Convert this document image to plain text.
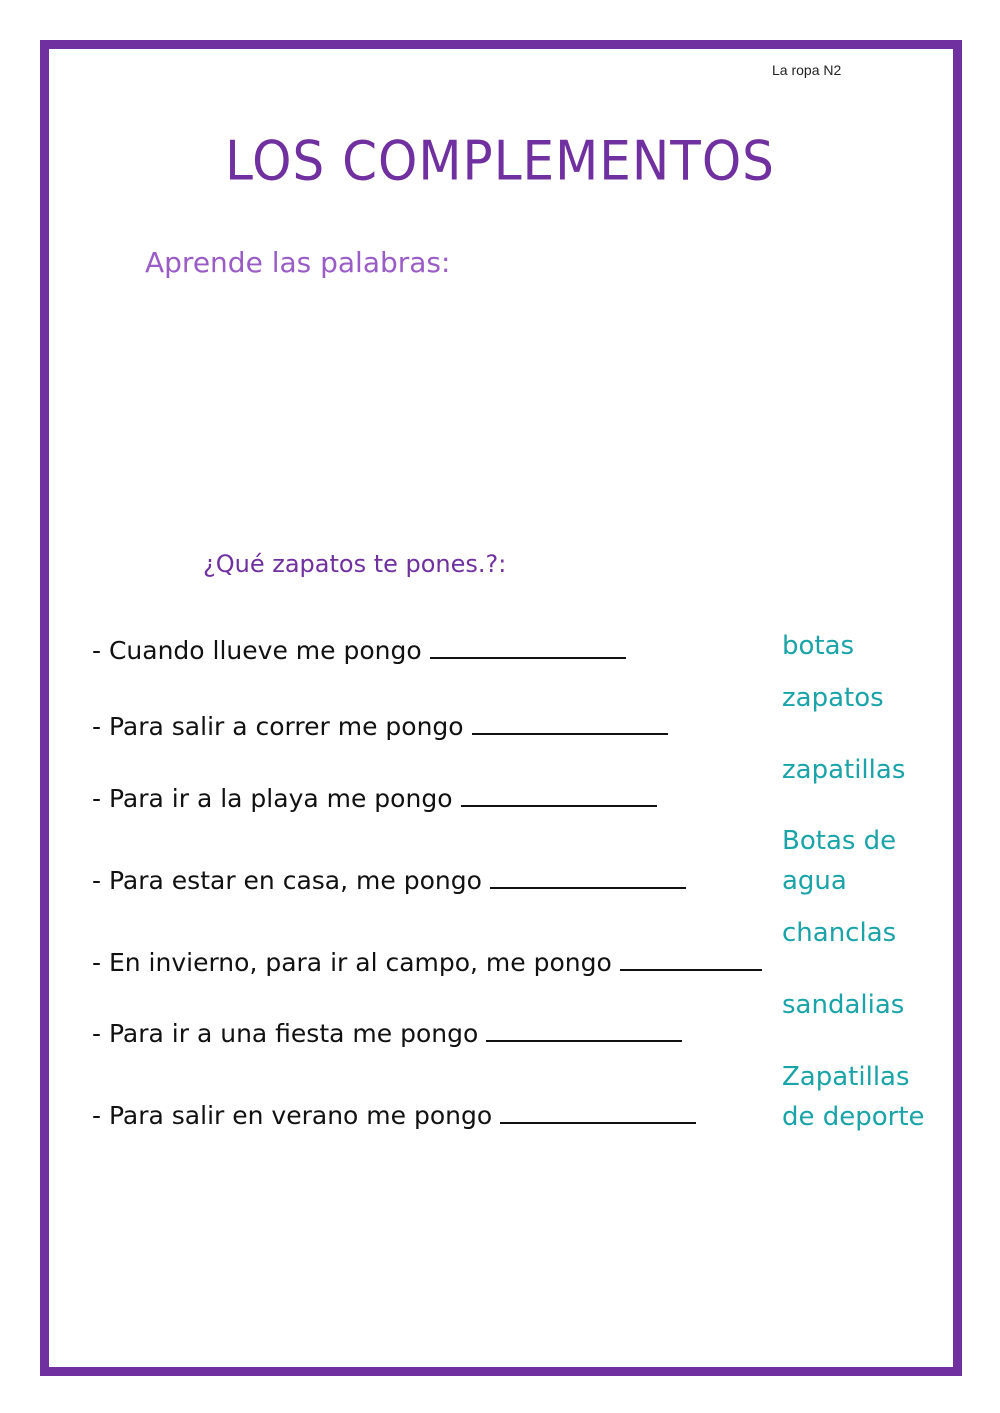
La ropa N2
LOS COMPLEMENTOS
Aprende las palabras:
¿Qué zapatos te pones.?:
- Cuando llueve me pongo
- Para salir a correr me pongo
- Para ir a la playa me pongo
- Para estar en casa, me pongo
- En invierno, para ir al campo, me pongo
- Para ir a una fiesta me pongo
- Para salir en verano me pongo
botas
zapatos
zapatillas
Botas de
agua
chanclas
sandalias
Zapatillas
de deporte
